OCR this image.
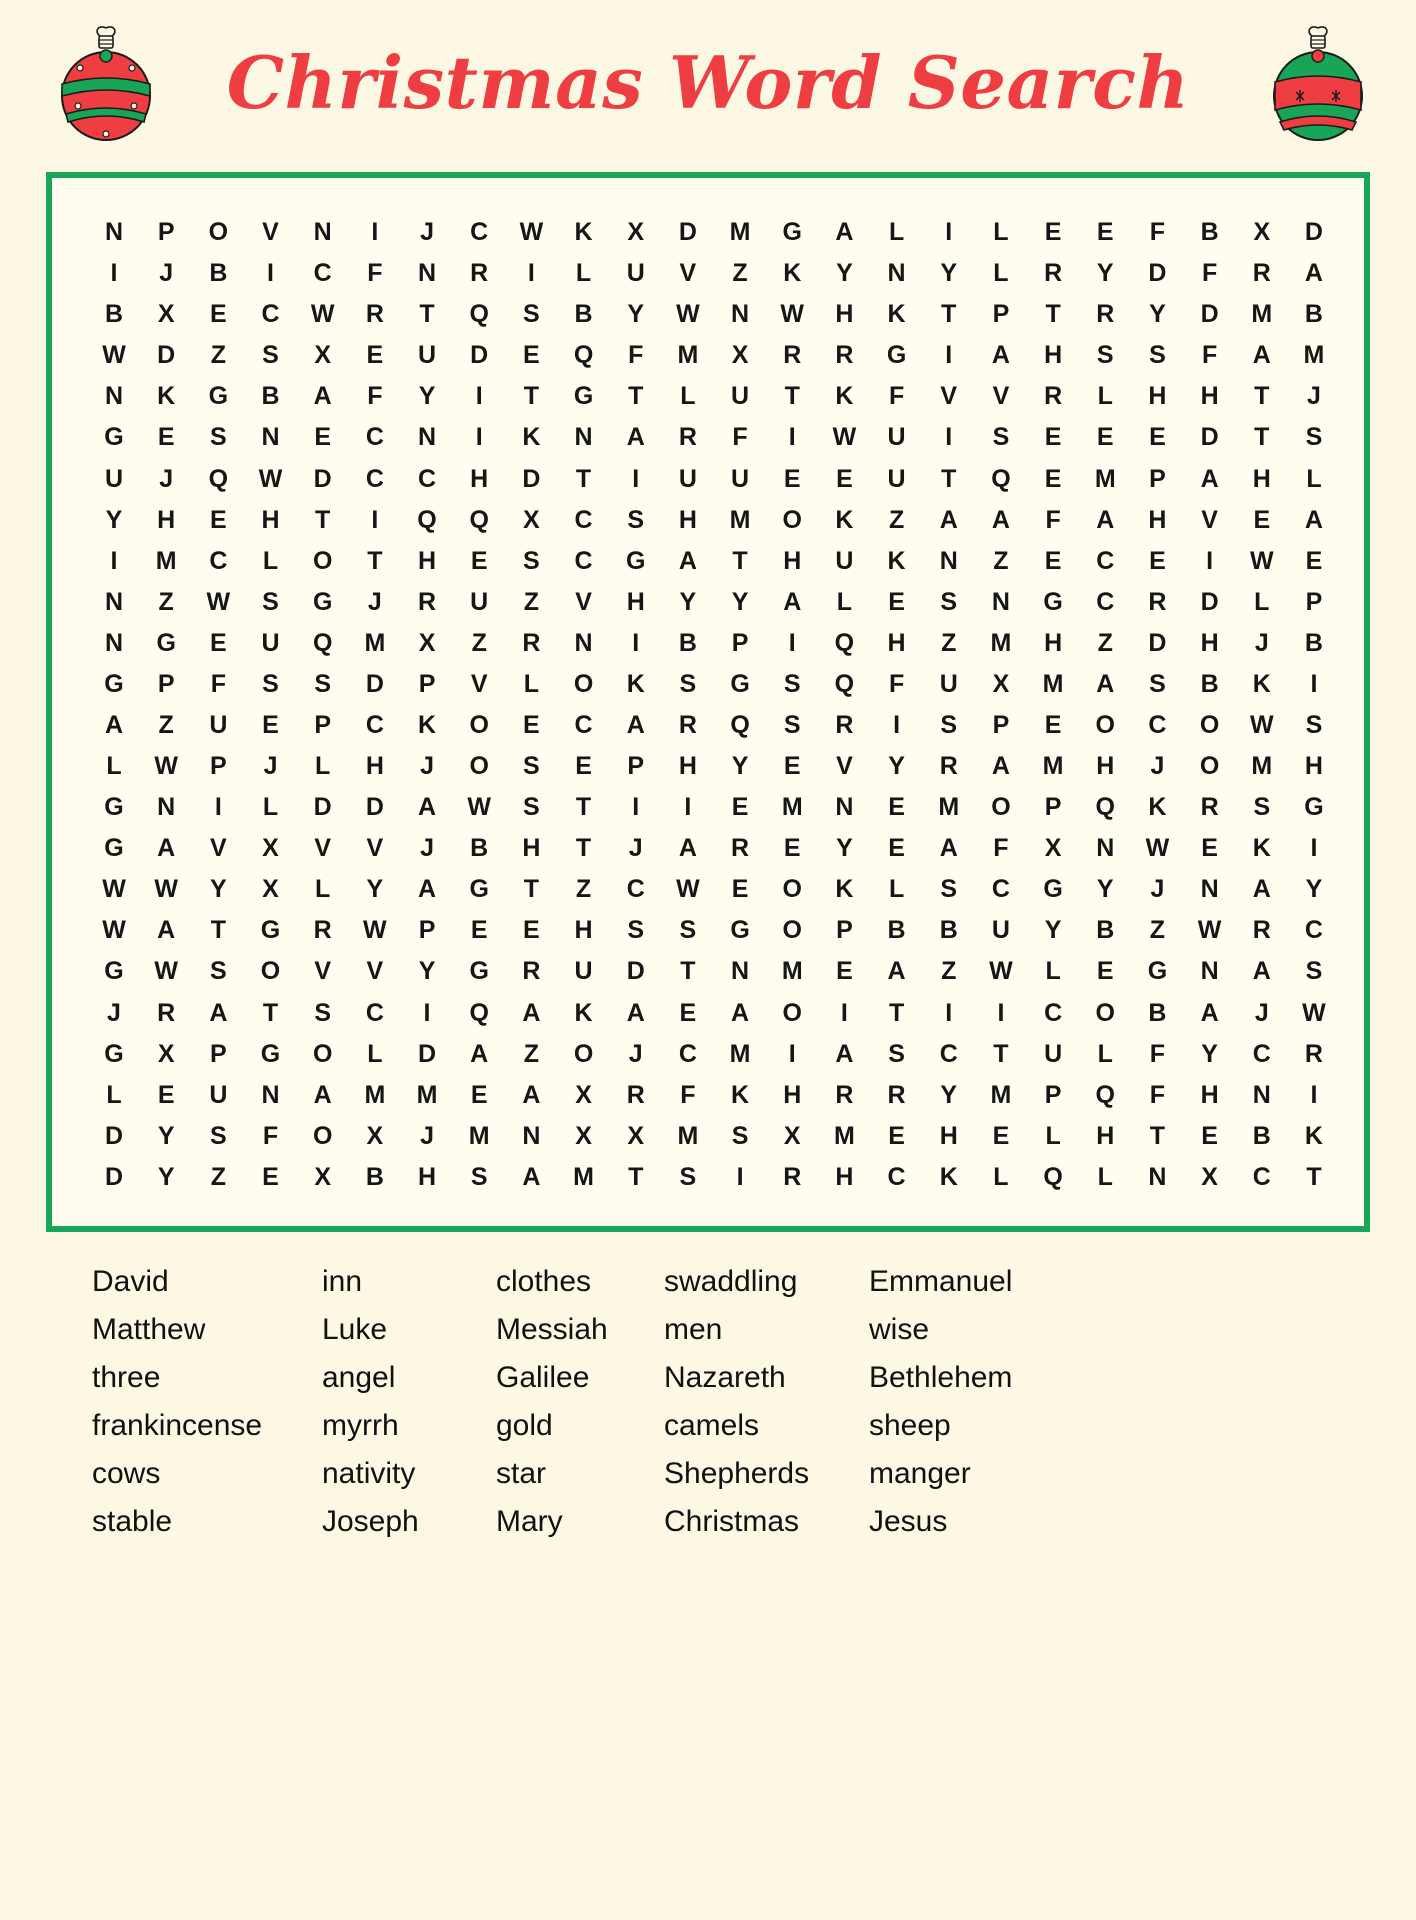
Christmas Word Search
N	P	O	V	N	I	J	C	W	K	X	D	M	G	A	L	I	L	E	E	F	B	X	D
I	J	B	I	C	F	N	R	I	L	U	V	Z	K	Y	N	Y	L	R	Y	D	F	R	A
B	X	E	C	W	R	T	Q	S	B	Y	W	N	W	H	K	T	P	T	R	Y	D	M	B
W	D	Z	S	X	E	U	D	E	Q	F	M	X	R	R	G	I	A	H	S	S	F	A	M
N	K	G	B	A	F	Y	I	T	G	T	L	U	T	K	F	V	V	R	L	H	H	T	J
G	E	S	N	E	C	N	I	K	N	A	R	F	I	W	U	I	S	E	E	E	D	T	S
U	J	Q	W	D	C	C	H	D	T	I	U	U	E	E	U	T	Q	E	M	P	A	H	L
Y	H	E	H	T	I	Q	Q	X	C	S	H	M	O	K	Z	A	A	F	A	H	V	E	A
I	M	C	L	O	T	H	E	S	C	G	A	T	H	U	K	N	Z	E	C	E	I	W	E
N	Z	W	S	G	J	R	U	Z	V	H	Y	Y	A	L	E	S	N	G	C	R	D	L	P
N	G	E	U	Q	M	X	Z	R	N	I	B	P	I	Q	H	Z	M	H	Z	D	H	J	B
G	P	F	S	S	D	P	V	L	O	K	S	G	S	Q	F	U	X	M	A	S	B	K	I
A	Z	U	E	P	C	K	O	E	C	A	R	Q	S	R	I	S	P	E	O	C	O	W	S
L	W	P	J	L	H	J	O	S	E	P	H	Y	E	V	Y	R	A	M	H	J	O	M	H
G	N	I	L	D	D	A	W	S	T	I	I	E	M	N	E	M	O	P	Q	K	R	S	G
G	A	V	X	V	V	J	B	H	T	J	A	R	E	Y	E	A	F	X	N	W	E	K	I
W	W	Y	X	L	Y	A	G	T	Z	C	W	E	O	K	L	S	C	G	Y	J	N	A	Y
W	A	T	G	R	W	P	E	E	H	S	S	G	O	P	B	B	U	Y	B	Z	W	R	C
G	W	S	O	V	V	Y	G	R	U	D	T	N	M	E	A	Z	W	L	E	G	N	A	S
J	R	A	T	S	C	I	Q	A	K	A	E	A	O	I	T	I	I	C	O	B	A	J	W
G	X	P	G	O	L	D	A	Z	O	J	C	M	I	A	S	C	T	U	L	F	Y	C	R
L	E	U	N	A	M	M	E	A	X	R	F	K	H	R	R	Y	M	P	Q	F	H	N	I
D	Y	S	F	O	X	J	M	N	X	X	M	S	X	M	E	H	E	L	H	T	E	B	K
D	Y	Z	E	X	B	H	S	A	M	T	S	I	R	H	C	K	L	Q	L	N	X	C	T
David
Matthew
three
frankincense
cows
stable
inn
Luke
angel
myrrh
nativity
Joseph
clothes
Messiah
Galilee
gold
star
Mary
swaddling
men
Nazareth
camels
Shepherds
Christmas
Emmanuel
wise
Bethlehem
sheep
manger
Jesus
